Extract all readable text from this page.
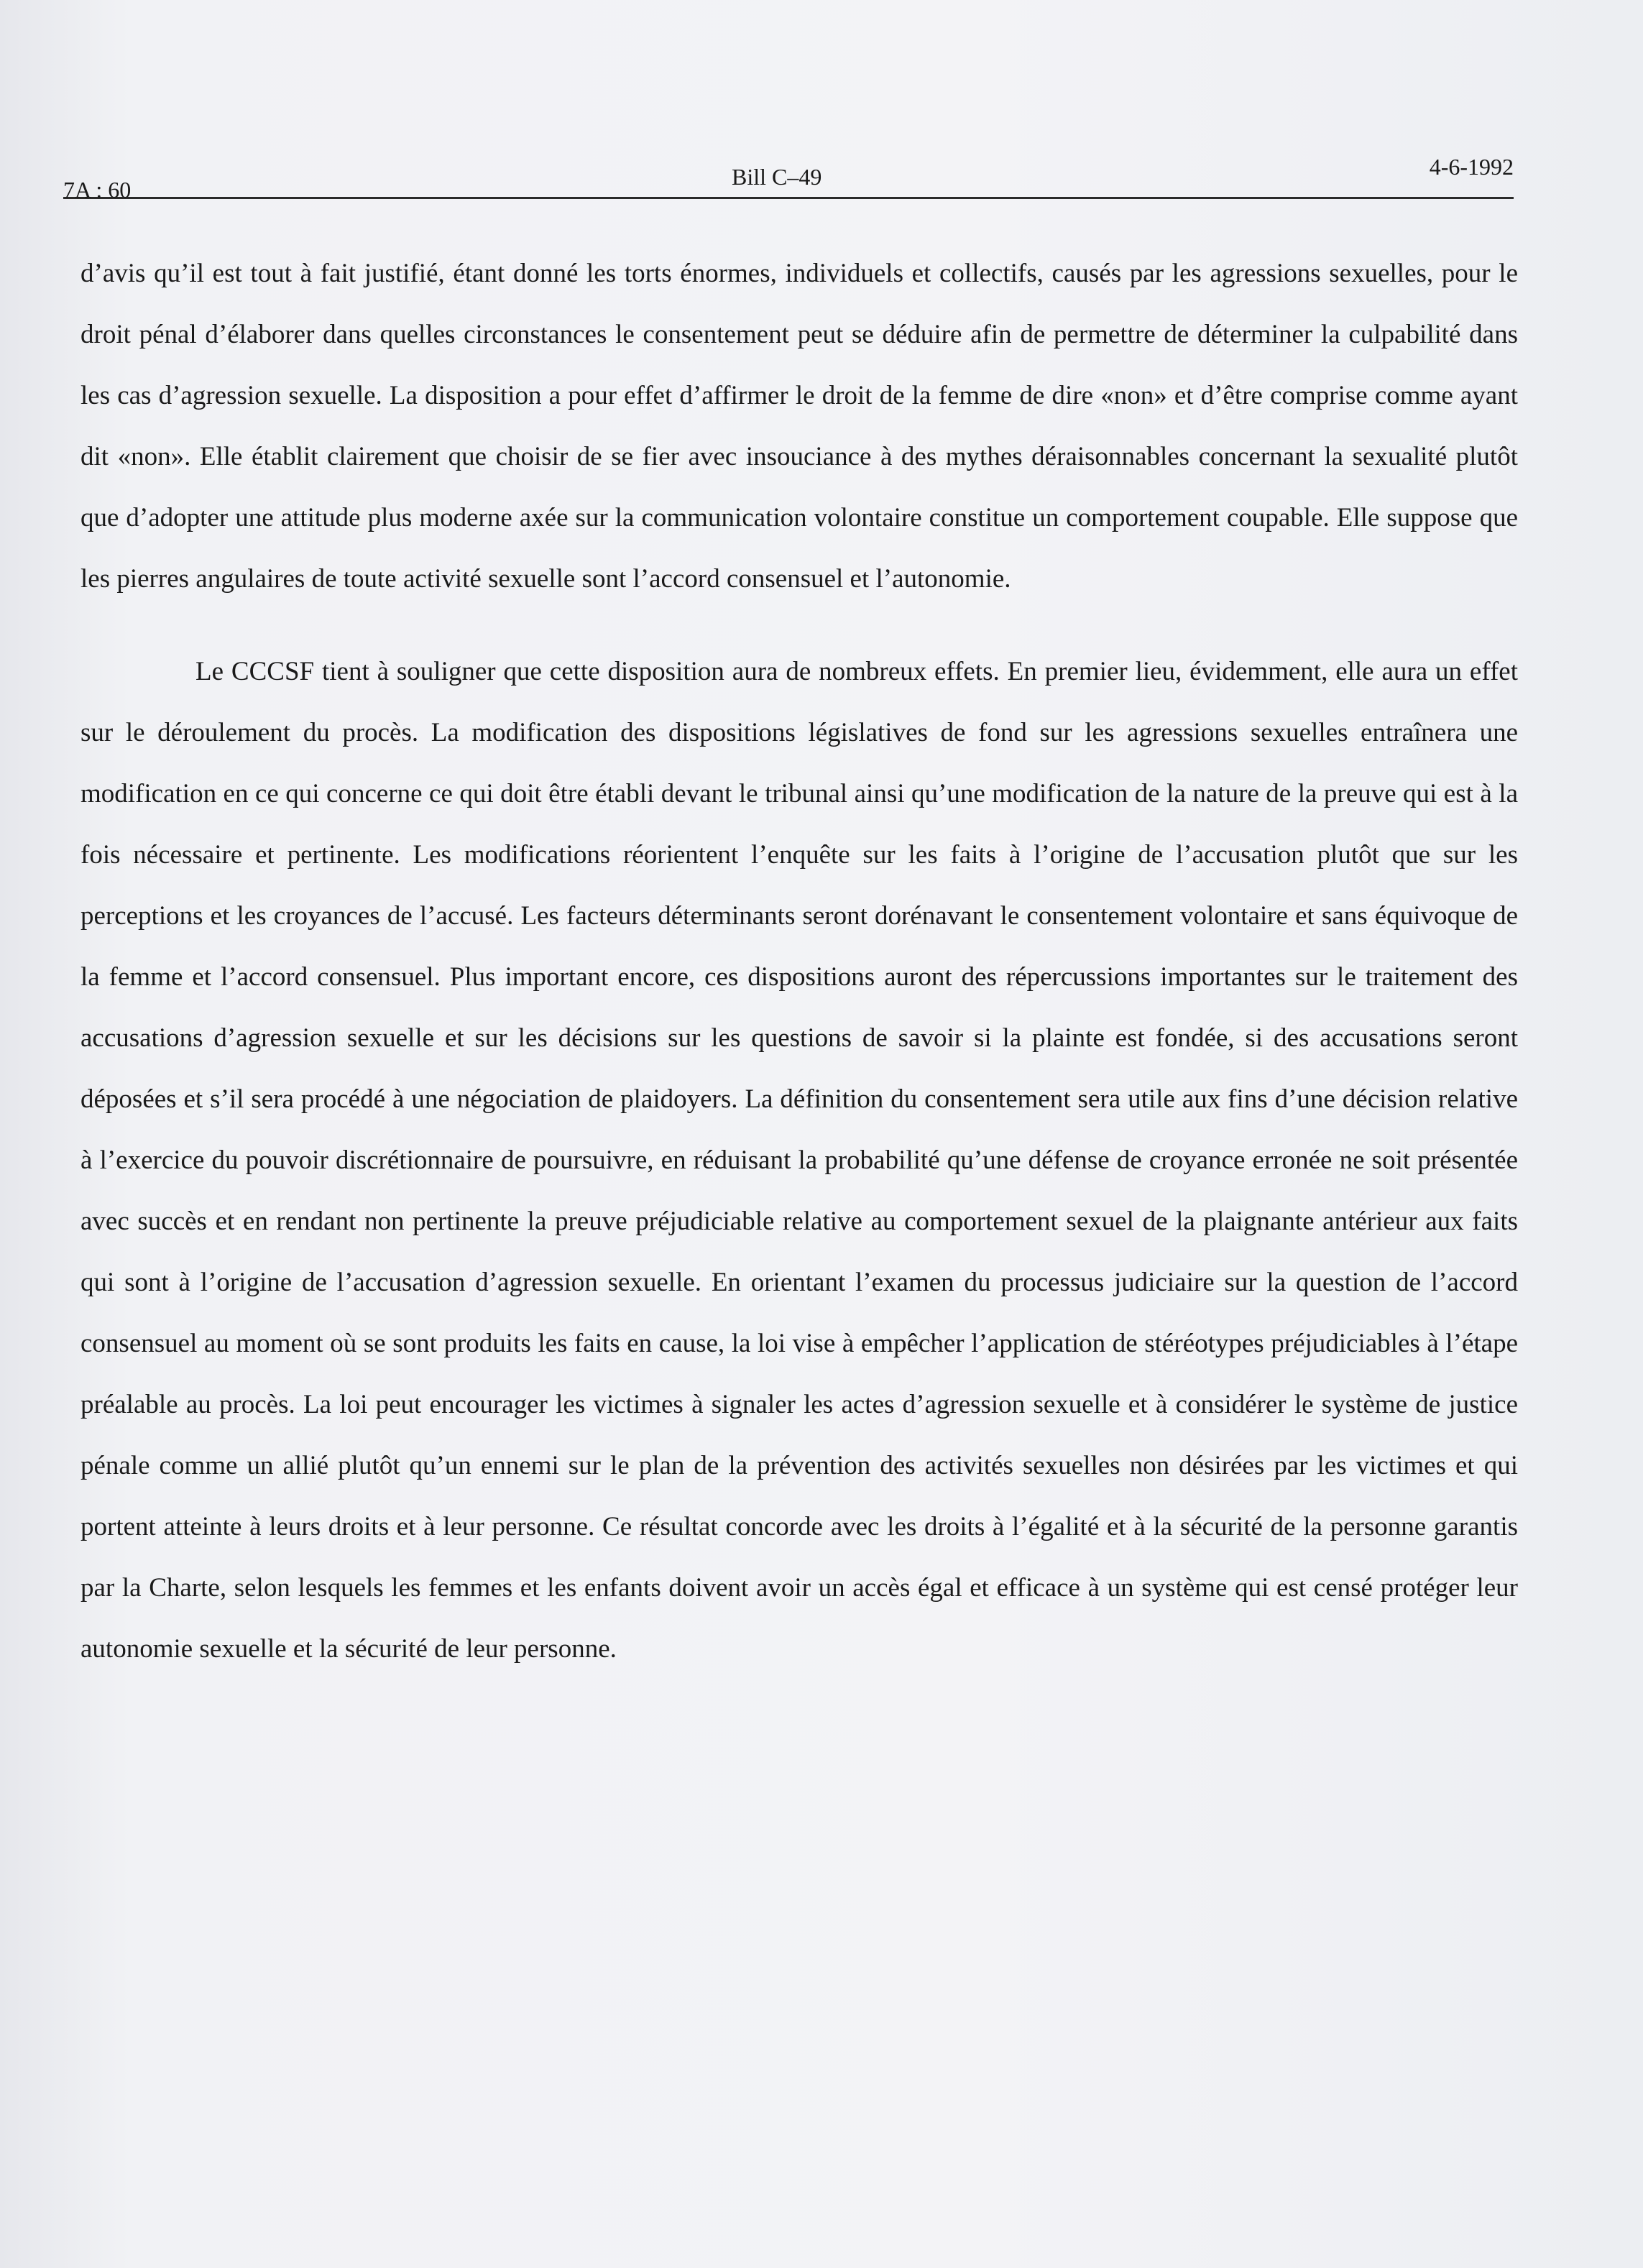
7A : 60	Bill C–49	4-6-1992

d’avis qu’il est tout à fait justifié, étant donné les torts énormes, individuels et collectifs, causés par les agressions sexuelles, pour le droit pénal d’élaborer dans quelles circonstances le consentement peut se déduire afin de permettre de déterminer la culpabilité dans les cas d’agression sexuelle. La disposition a pour effet d’affirmer le droit de la femme de dire «non» et d’être comprise comme ayant dit «non». Elle établit clairement que choisir de se fier avec insouciance à des mythes déraisonnables concernant la sexualité plutôt que d’adopter une attitude plus moderne axée sur la communication volontaire constitue un comportement coupable. Elle suppose que les pierres angulaires de toute activité sexuelle sont l’accord consensuel et l’autonomie.

Le CCCSF tient à souligner que cette disposition aura de nombreux effets. En premier lieu, évidemment, elle aura un effet sur le déroulement du procès. La modification des dispositions législatives de fond sur les agressions sexuelles entraînera une modification en ce qui concerne ce qui doit être établi devant le tribunal ainsi qu’une modification de la nature de la preuve qui est à la fois nécessaire et pertinente. Les modifications réorientent l’enquête sur les faits à l’origine de l’accusation plutôt que sur les perceptions et les croyances de l’accusé. Les facteurs déterminants seront dorénavant le consentement volontaire et sans équivoque de la femme et l’accord consensuel. Plus important encore, ces dispositions auront des répercussions importantes sur le traitement des accusations d’agression sexuelle et sur les décisions sur les questions de savoir si la plainte est fondée, si des accusations seront déposées et s’il sera procédé à une négociation de plaidoyers. La définition du consentement sera utile aux fins d’une décision relative à l’exercice du pouvoir discrétionnaire de poursuivre, en réduisant la probabilité qu’une défense de croyance erronée ne soit présentée avec succès et en rendant non pertinente la preuve préjudiciable relative au comportement sexuel de la plaignante antérieur aux faits qui sont à l’origine de l’accusation d’agression sexuelle. En orientant l’examen du processus judiciaire sur la question de l’accord consensuel au moment où se sont produits les faits en cause, la loi vise à empêcher l’application de stéréotypes préjudiciables à l’étape préalable au procès. La loi peut encourager les victimes à signaler les actes d’agression sexuelle et à considérer le système de justice pénale comme un allié plutôt qu’un ennemi sur le plan de la prévention des activités sexuelles non désirées par les victimes et qui portent atteinte à leurs droits et à leur personne. Ce résultat concorde avec les droits à l’égalité et à la sécurité de la personne garantis par la Charte, selon lesquels les femmes et les enfants doivent avoir un accès égal et efficace à un système qui est censé protéger leur autonomie sexuelle et la sécurité de leur personne.
